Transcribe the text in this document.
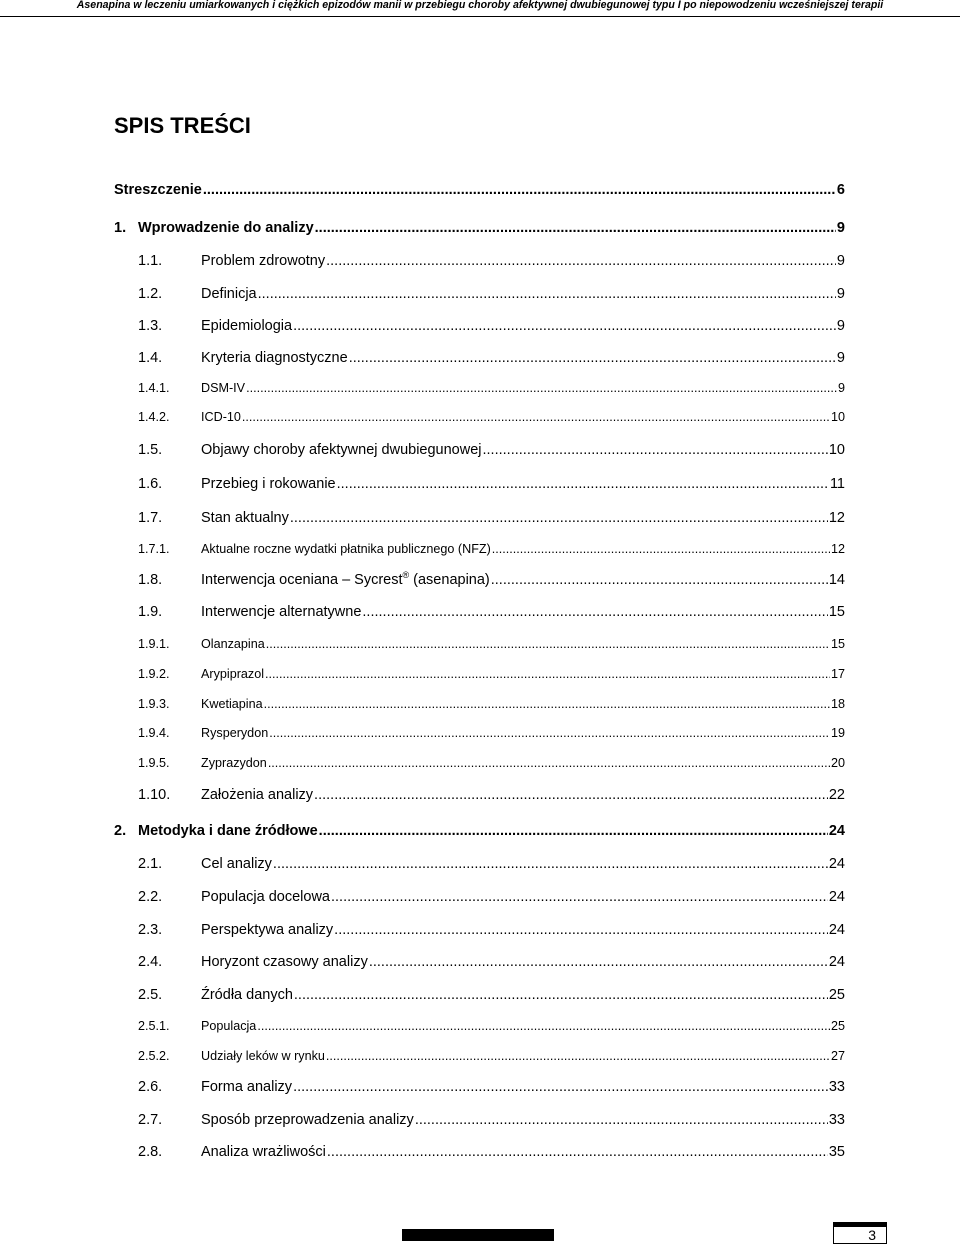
Asenapina w leczeniu umiarkowanych i ciężkich epizodów manii w przebiegu choroby afektywnej dwubiegunowej typu I po niepowodzeniu wcześniejszej terapii
SPIS TREŚCI
Streszczenie .....	6
1. Wprowadzenie do analizy .....	9
1.1.	Problem zdrowotny .....	9
1.2.	Definicja .....	9
1.3.	Epidemiologia .....	9
1.4.	Kryteria diagnostyczne .....	9
1.4.1. DSM-IV .....	9
1.4.2. ICD-10 .....	10
1.5.	Objawy choroby afektywnej dwubiegunowej .....	10
1.6.	Przebieg i rokowanie .....	11
1.7.	Stan aktualny .....	12
1.7.1. Aktualne roczne wydatki płatnika publicznego (NFZ) .....	12
1.8.	Interwencja oceniana – Sycrest® (asenapina) .....	14
1.9.	Interwencje alternatywne .....	15
1.9.1. Olanzapina .....	15
1.9.2. Arypiprazol .....	17
1.9.3. Kwetiapina .....	18
1.9.4. Rysperydon .....	19
1.9.5. Zyprazydon .....	20
1.10. Założenia analizy .....	22
2. Metodyka i dane źródłowe .....	24
2.1.	Cel analizy .....	24
2.2.	Populacja docelowa .....	24
2.3.	Perspektywa analizy .....	24
2.4.	Horyzont czasowy analizy .....	24
2.5.	Źródła danych .....	25
2.5.1. Populacja .....	25
2.5.2. Udziały leków w rynku .....	27
2.6.	Forma analizy .....	33
2.7.	Sposób przeprowadzenia analizy .....	33
2.8.	Analiza wrażliwości .....	35
3
